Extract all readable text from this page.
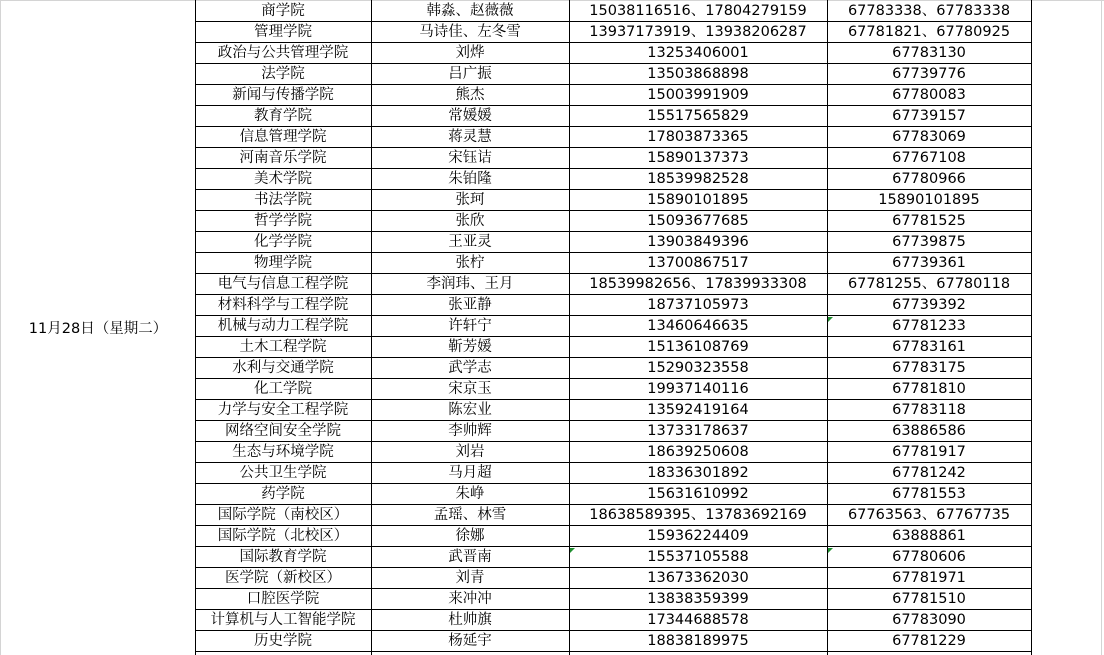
商学院	韩淼、赵薇薇	15038116516、17804279159	67783338、67783338
管理学院	马诗佳、左冬雪	13937173919、13938206287	67781821、67780925
政治与公共管理学院	刘烨	13253406001	67783130
法学院	吕广振	13503868898	67739776
新闻与传播学院	熊杰	15003991909	67780083
教育学院	常媛媛	15517565829	67739157
信息管理学院	蒋灵慧	17803873365	67783069
河南音乐学院	宋钰诘	15890137373	67767108
美术学院	朱铂隆	18539982528	67780966
书法学院	张珂	15890101895	15890101895
哲学学院	张欣	15093677685	67781525
化学学院	王亚灵	13903849396	67739875
物理学院	张柠	13700867517	67739361
电气与信息工程学院	李润玮、王月	18539982656、17839933308	67781255、67780118
材料科学与工程学院	张亚静	18737105973	67739392
机械与动力工程学院	许轩宁	13460646635	67781233
土木工程学院	靳芳媛	15136108769	67783161
水利与交通学院	武学志	15290323558	67783175
化工学院	宋京玉	19937140116	67781810
力学与安全工程学院	陈宏业	13592419164	67783118
网络空间安全学院	李帅辉	13733178637	63886586
生态与环境学院	刘岩	18639250608	67781917
公共卫生学院	马月超	18336301892	67781242
药学院	朱峥	15631610992	67781553
国际学院（南校区）	孟瑶、林雪	18638589395、13783692169	67763563、67767735
国际学院（北校区）	徐娜	15936224409	63888861
国际教育学院	武晋南	15537105588	67780606
医学院（新校区）	刘青	13673362030	67781971
口腔医学院	来冲冲	13838359399	67781510
计算机与人工智能学院	杜帅旗	17344688578	67783090
历史学院	杨延宇	18838189975	67781229
11月28日（星期二）
